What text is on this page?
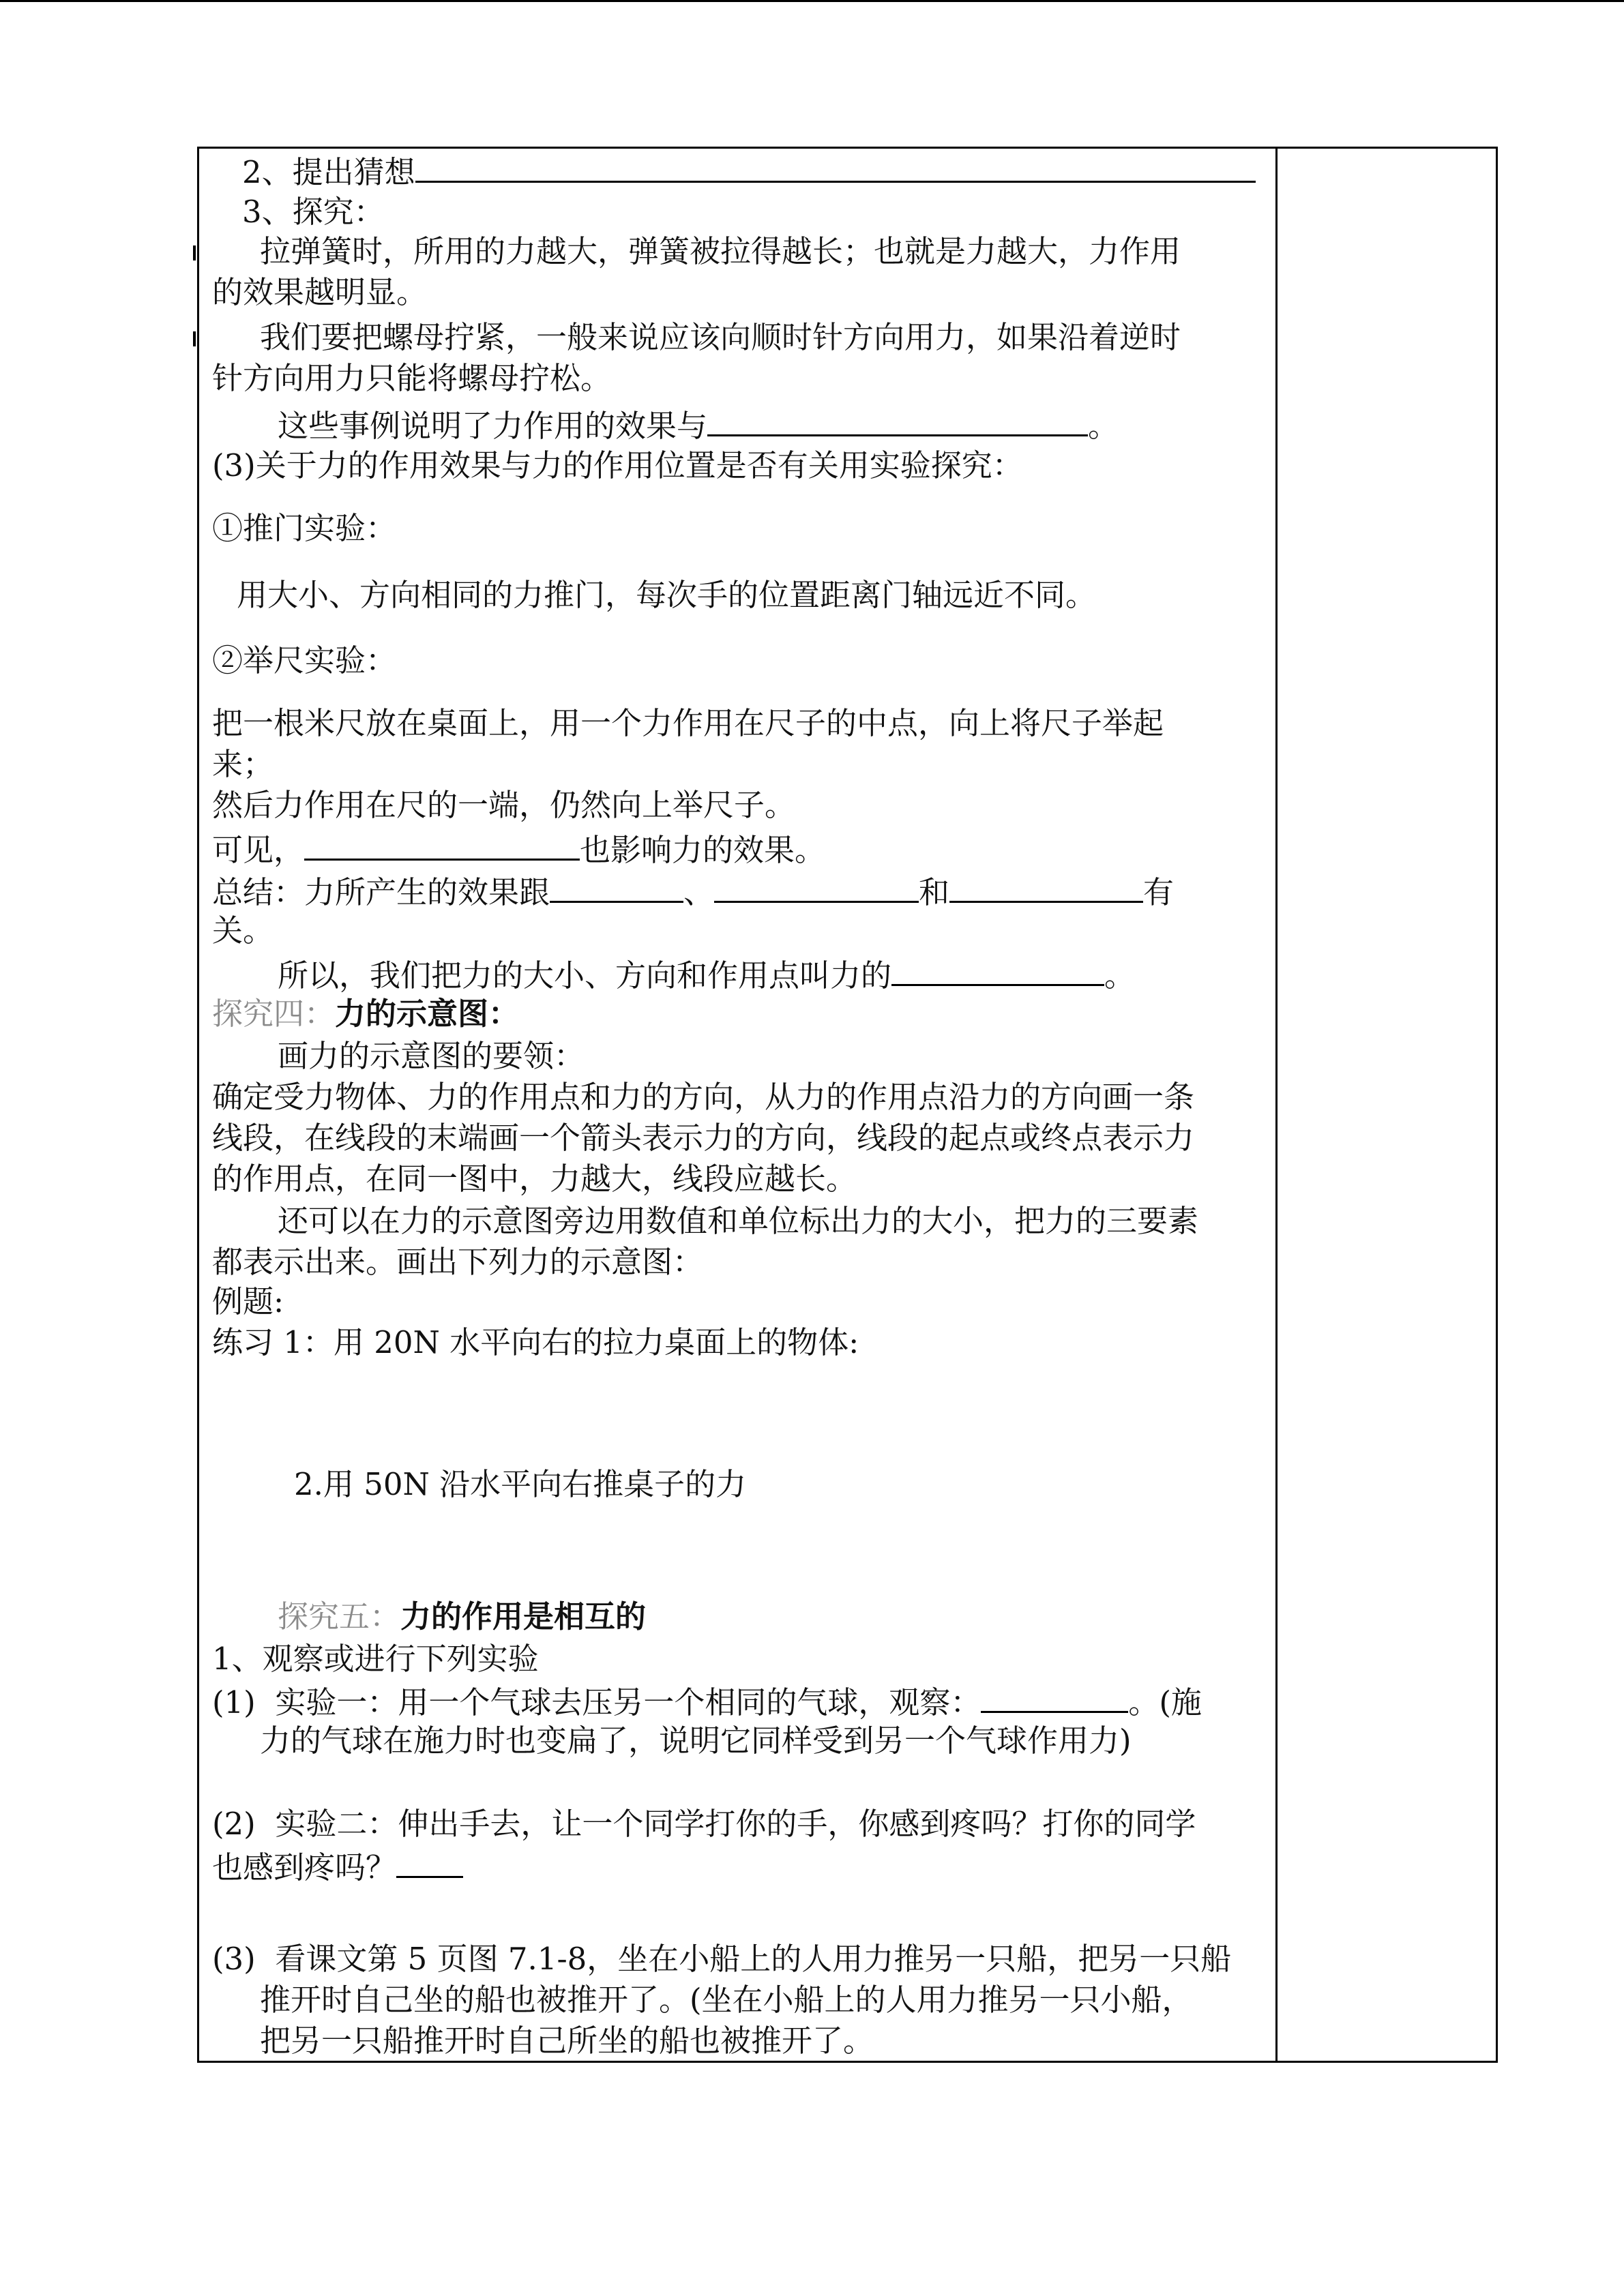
2、提出猜想
3、探究：
拉弹簧时，所用的力越大，弹簧被拉得越长；也就是力越大，力作用
的效果越明显。
我们要把螺母拧紧，一般来说应该向顺时针方向用力，如果沿着逆时
针方向用力只能将螺母拧松。
这些事例说明了力作用的效果与	。
(3)关于力的作用效果与力的作用位置是否有关用实验探究：
①推门实验：
用大小、方向相同的力推门，每次手的位置距离门轴远近不同。
②举尺实验：
把一根米尺放在桌面上，用一个力作用在尺子的中点，向上将尺子举起
来；
然后力作用在尺的一端，仍然向上举尺子。
可见，	也影响力的效果。
总结：力所产生的效果跟	、	和	有
关。
所以，我们把力的大小、方向和作用点叫力的	。
探究四：力的示意图：
画力的示意图的要领：
确定受力物体、力的作用点和力的方向，从力的作用点沿力的方向画一条
线段，在线段的末端画一个箭头表示力的方向，线段的起点或终点表示力
的作用点，在同一图中，力越大，线段应越长。
还可以在力的示意图旁边用数值和单位标出力的大小，把力的三要素
都表示出来。画出下列力的示意图：
例题:
练习 1：用 20N 水平向右的拉力桌面上的物体:
2.用 50N 沿水平向右推桌子的力
探究五：力的作用是相互的
1、观察或进行下列实验
(1)  实验一：用一个气球去压另一个相同的气球，观察：	。(施
力的气球在施力时也变扁了，说明它同样受到另一个气球作用力)
(2)  实验二：伸出手去，让一个同学打你的手，你感到疼吗？打你的同学
也感到疼吗？
(3)  看课文第 5 页图 7.1-8，坐在小船上的人用力推另一只船，把另一只船
推开时自己坐的船也被推开了。(坐在小船上的人用力推另一只小船，
把另一只船推开时自己所坐的船也被推开了。
